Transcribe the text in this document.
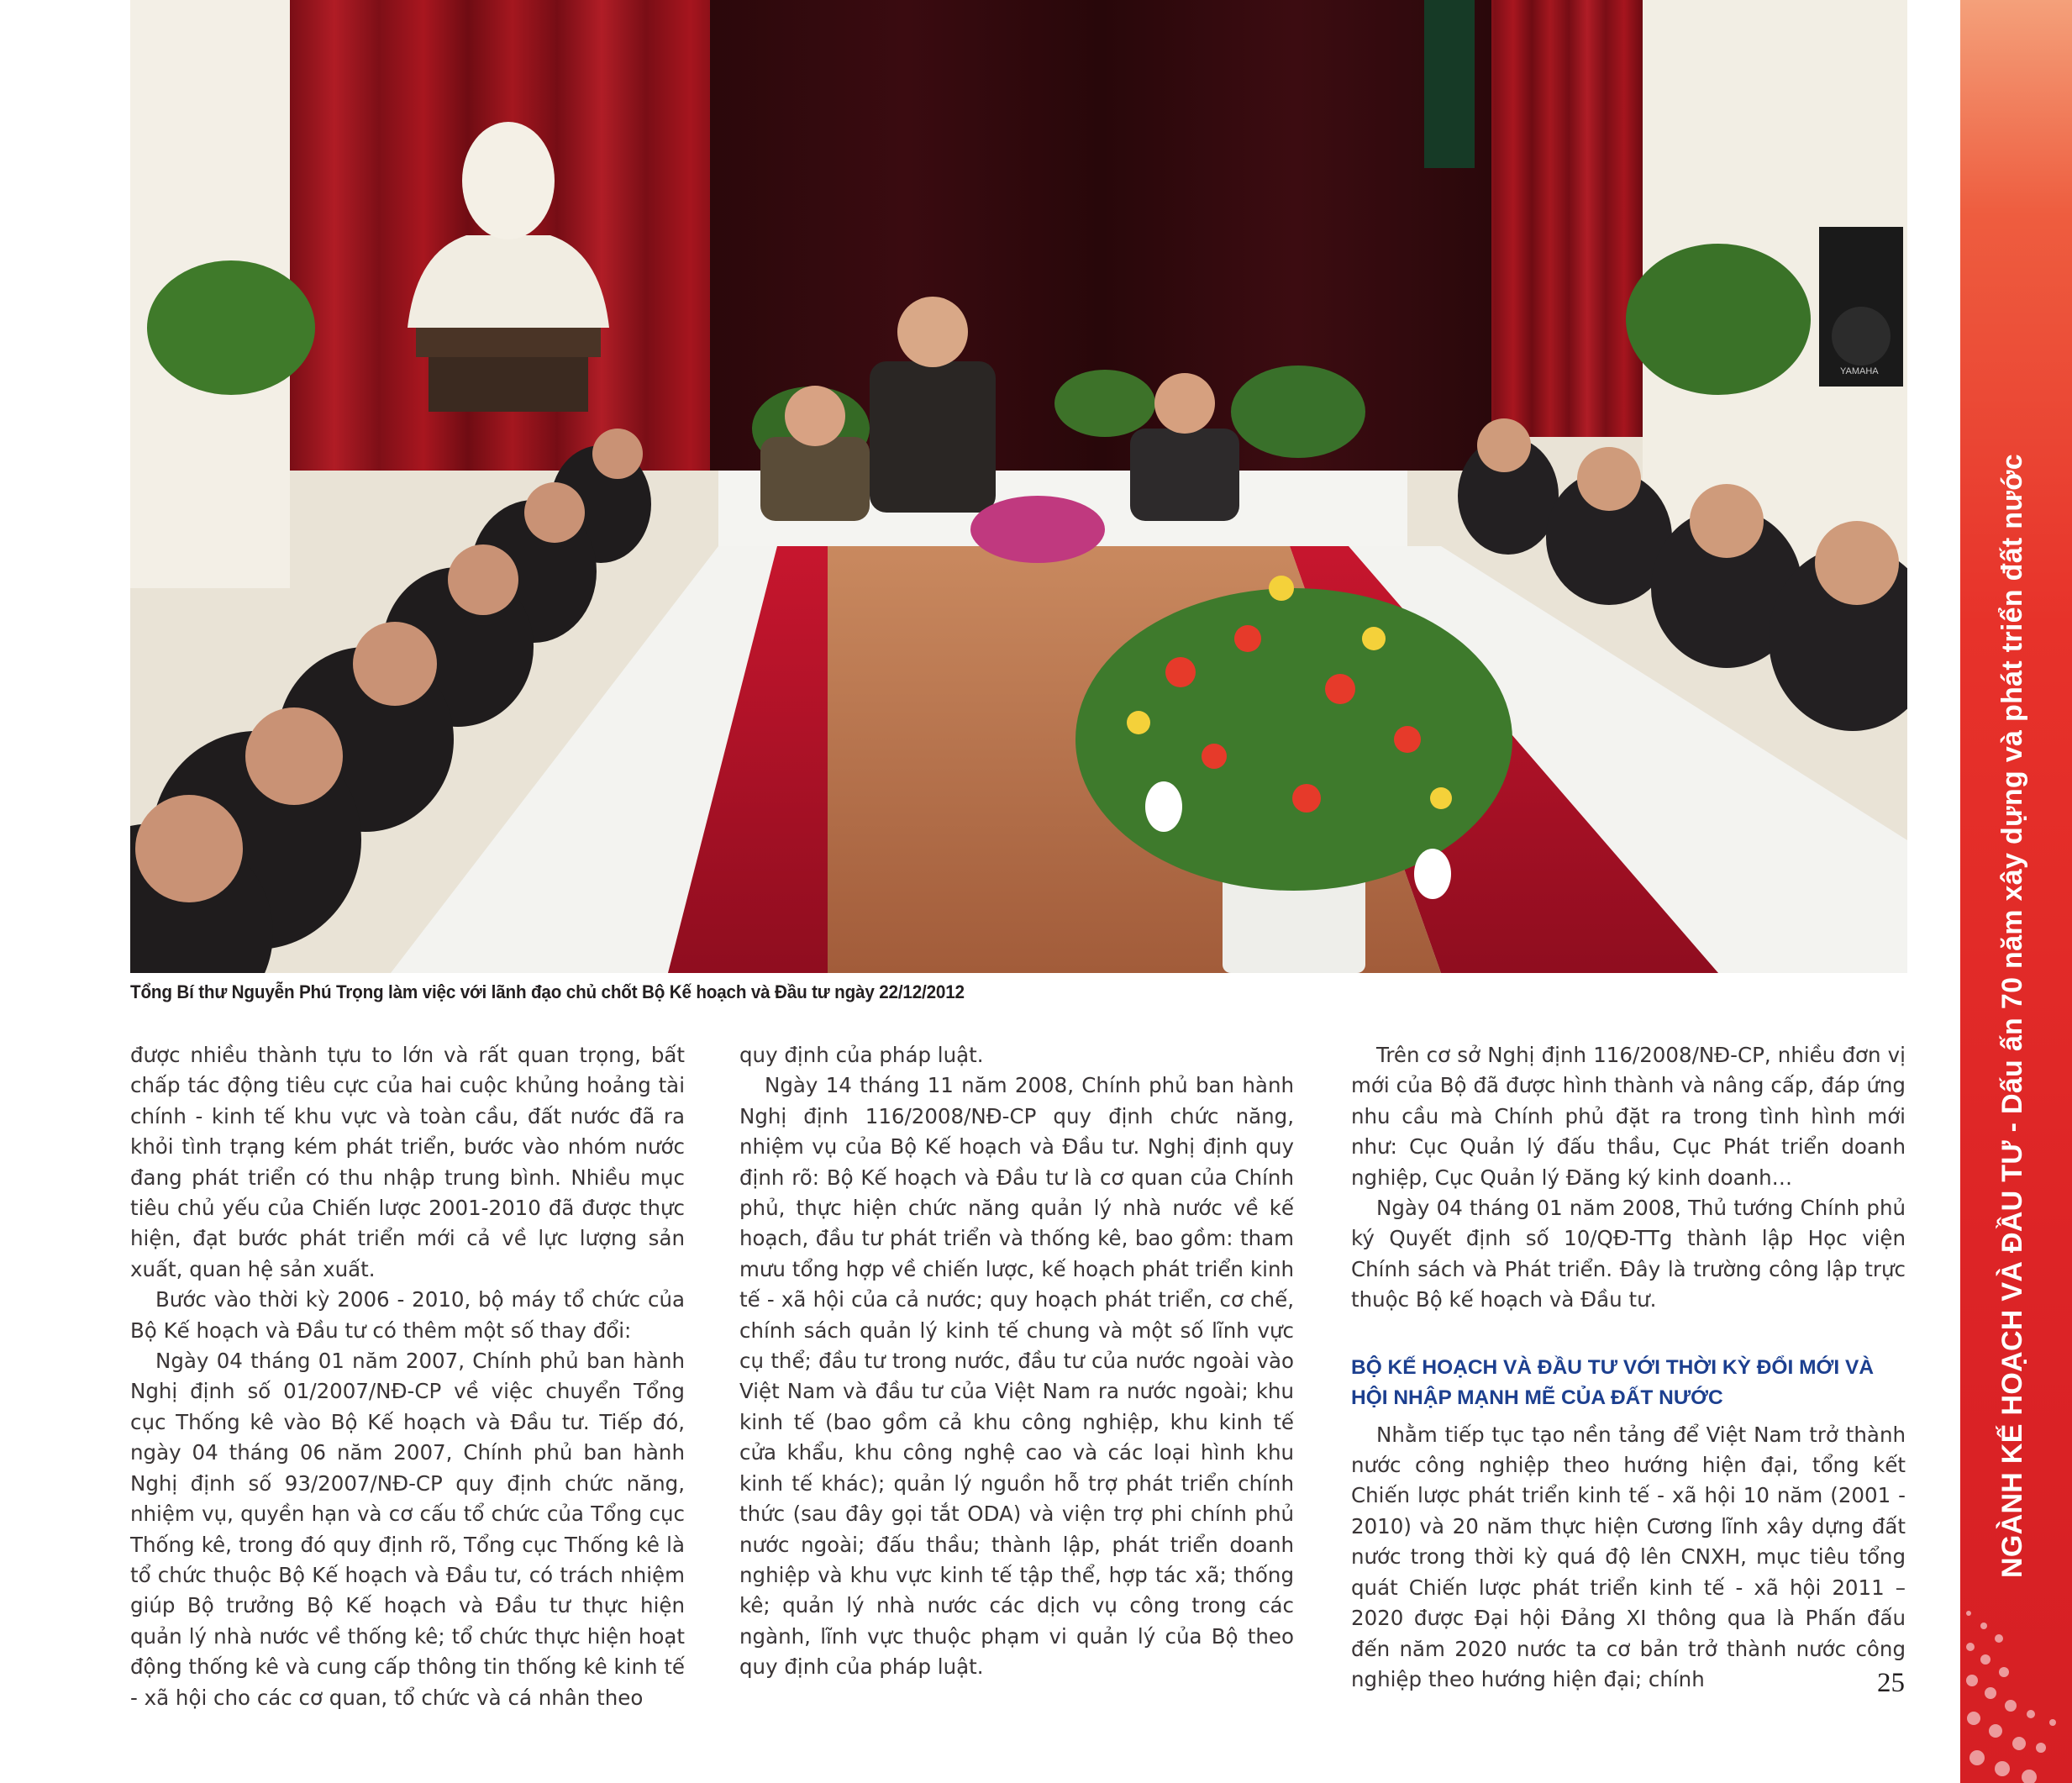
YAMAHA
Tổng Bí thư Nguyễn Phú Trọng làm việc với lãnh đạo chủ chốt Bộ Kế hoạch và Đầu tư ngày 22/12/2012

được nhiều thành tựu to lớn và rất quan trọng, bất chấp tác động tiêu cực của hai cuộc khủng hoảng tài chính - kinh tế khu vực và toàn cầu, đất nước đã ra khỏi tình trạng kém phát triển, bước vào nhóm nước đang phát triển có thu nhập trung bình. Nhiều mục tiêu chủ yếu của Chiến lược 2001-2010 đã được thực hiện, đạt bước phát triển mới cả về lực lượng sản xuất, quan hệ sản xuất.

Bước vào thời kỳ 2006 - 2010, bộ máy tổ chức của Bộ Kế hoạch và Đầu tư có thêm một số thay đổi:

Ngày 04 tháng 01 năm 2007, Chính phủ ban hành Nghị định số 01/2007/NĐ-CP về việc chuyển Tổng cục Thống kê vào Bộ Kế hoạch và Đầu tư. Tiếp đó, ngày 04 tháng 06 năm 2007, Chính phủ ban hành Nghị định số 93/2007/NĐ-CP quy định chức năng, nhiệm vụ, quyền hạn và cơ cấu tổ chức của Tổng cục Thống kê, trong đó quy định rõ, Tổng cục Thống kê là tổ chức thuộc Bộ Kế hoạch và Đầu tư, có trách nhiệm giúp Bộ trưởng Bộ Kế hoạch và Đầu tư thực hiện quản lý nhà nước về thống kê; tổ chức thực hiện hoạt động thống kê và cung cấp thông tin thống kê kinh tế - xã hội cho các cơ quan, tổ chức và cá nhân theo

quy định của pháp luật.

Ngày 14 tháng 11 năm 2008, Chính phủ ban hành Nghị định 116/2008/NĐ-CP quy định chức năng, nhiệm vụ của Bộ Kế hoạch và Đầu tư. Nghị định quy định rõ: Bộ Kế hoạch và Đầu tư là cơ quan của Chính phủ, thực hiện chức năng quản lý nhà nước về kế hoạch, đầu tư phát triển và thống kê, bao gồm: tham mưu tổng hợp về chiến lược, kế hoạch phát triển kinh tế - xã hội của cả nước; quy hoạch phát triển, cơ chế, chính sách quản lý kinh tế chung và một số lĩnh vực cụ thể; đầu tư trong nước, đầu tư của nước ngoài vào Việt Nam và đầu tư của Việt Nam ra nước ngoài; khu kinh tế (bao gồm cả khu công nghiệp, khu kinh tế cửa khẩu, khu công nghệ cao và các loại hình khu kinh tế khác); quản lý nguồn hỗ trợ phát triển chính thức (sau đây gọi tắt ODA) và viện trợ phi chính phủ nước ngoài; đấu thầu; thành lập, phát triển doanh nghiệp và khu vực kinh tế tập thể, hợp tác xã; thống kê; quản lý nhà nước các dịch vụ công trong các ngành, lĩnh vực thuộc phạm vi quản lý của Bộ theo quy định của pháp luật.

Trên cơ sở Nghị định 116/2008/NĐ-CP, nhiều đơn vị mới của Bộ đã được hình thành và nâng cấp, đáp ứng nhu cầu mà Chính phủ đặt ra trong tình hình mới như: Cục Quản lý đấu thầu, Cục Phát triển doanh nghiệp, Cục Quản lý Đăng ký kinh doanh…

Ngày 04 tháng 01 năm 2008, Thủ tướng Chính phủ ký Quyết định số 10/QĐ-TTg thành lập Học viện Chính sách và Phát triển. Đây là trường công lập trực thuộc Bộ kế hoạch và Đầu tư.

BỘ KẾ HOẠCH VÀ ĐẦU TƯ VỚI THỜI KỲ ĐỔI MỚI VÀ HỘI NHẬP MẠNH MẼ CỦA ĐẤT NƯỚC

Nhằm tiếp tục tạo nền tảng để Việt Nam trở thành nước công nghiệp theo hướng hiện đại, tổng kết Chiến lược phát triển kinh tế - xã hội 10 năm (2001 - 2010) và 20 năm thực hiện Cương lĩnh xây dựng đất nước trong thời kỳ quá độ lên CNXH, mục tiêu tổng quát Chiến lược phát triển kinh tế - xã hội 2011 – 2020 được Đại hội Đảng XI thông qua là Phấn đấu đến năm 2020 nước ta cơ bản trở thành nước công nghiệp theo hướng hiện đại; chính	25
NGÀNH KẾ HOẠCH VÀ ĐẦU TƯ - Dấu ấn 70 năm xây dựng và phát triển đất nước
